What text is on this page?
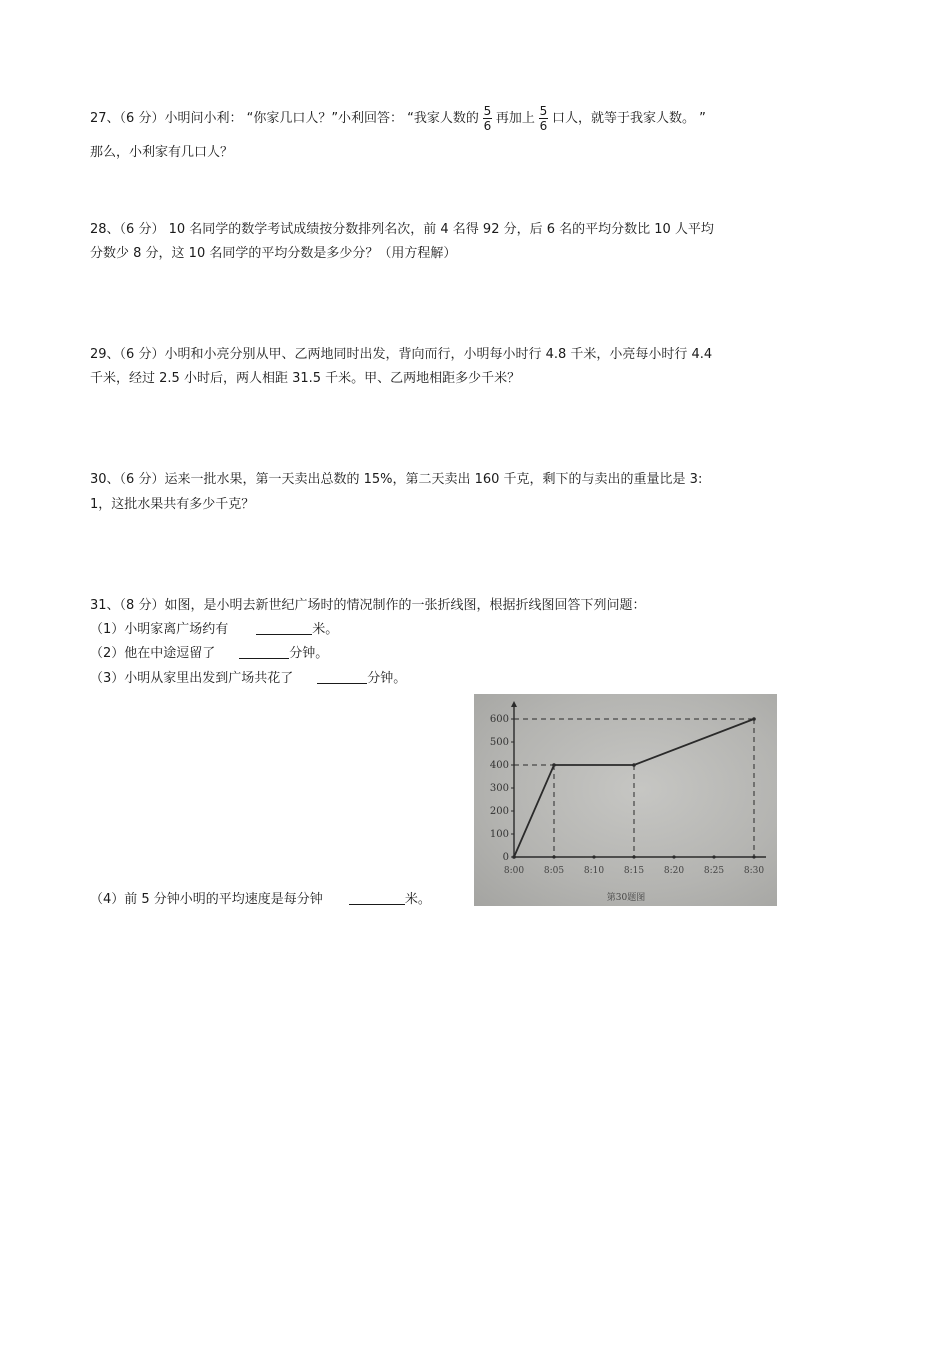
27、（6 分）小明问小利： “你家几口人？”小利回答： “我家人数的 $\frac{5}{6}$ 再加上 $\frac{5}{6}$ 口人，就等于我家人数。 ”
那么，小利家有几口人？
28、（6 分） 10 名同学的数学考试成绩按分数排列名次，前 4 名得 92 分，后 6 名的平均分数比 10 人平均
分数少 8 分，这 10 名同学的平均分数是多少分？（用方程解）
29、（6 分）小明和小亮分别从甲、乙两地同时出发，背向而行，小明每小时行 4.8 千米，小亮每小时行 4.4
千米，经过 2.5 小时后，两人相距 31.5 千米。甲、乙两地相距多少千米？
30、（6 分）运来一批水果，第一天卖出总数的 15%，第二天卖出 160 千克，剩下的与卖出的重量比是 3:
1，这批水果共有多少千克？
31、（8 分）如图，是小明去新世纪广场时的情况制作的一张折线图，根据折线图回答下列问题：
（1）小明家离广场约有	米。
（2）他在中途逗留了	分钟。
（3）小明从家里出发到广场共花了	分钟。
（4）前 5 分钟小明的平均速度是每分钟	米。
0
100
200
300
400
500
600
8:00 8:05 8:10 8:15 8:20 8:25 8:30
第30题图
